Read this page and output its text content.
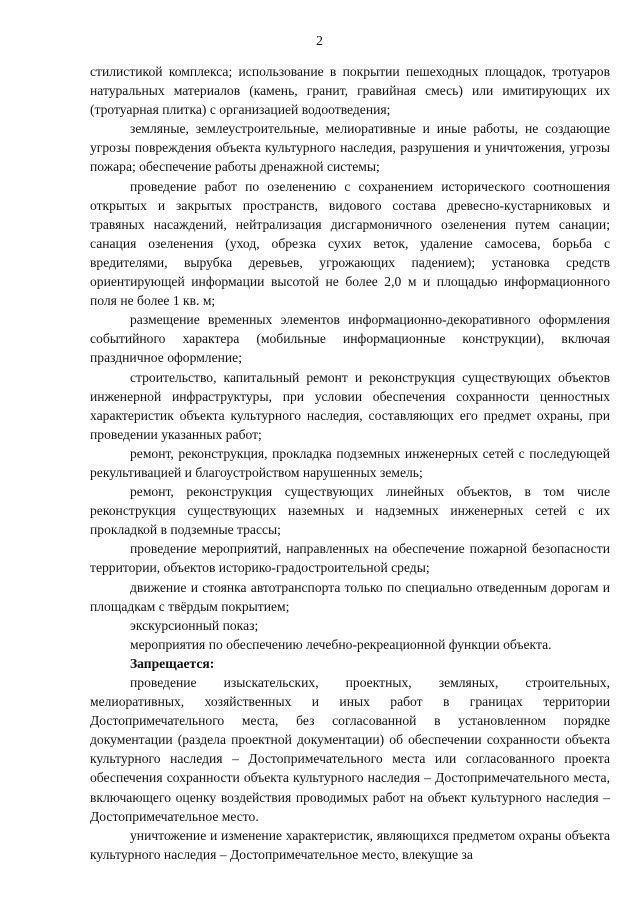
2

стилистикой комплекса; использование в покрытии пешеходных площадок, тротуаров натуральных материалов (камень, гранит, гравийная смесь) или имитирующих их (тротуарная плитка) с организацией водоотведения;

земляные, землеустроительные, мелиоративные и иные работы, не создающие угрозы повреждения объекта культурного наследия, разрушения и уничтожения, угрозы пожара; обеспечение работы дренажной системы;

проведение работ по озеленению с сохранением исторического соотношения открытых и закрытых пространств, видового состава древесно-кустарниковых и травяных насаждений, нейтрализация дисгармоничного озеленения путем санации; санация озеленения (уход, обрезка сухих веток, удаление самосева, борьба с вредителями, вырубка деревьев, угрожающих падением); установка средств ориентирующей информации высотой не более 2,0 м и площадью информационного поля не более 1 кв. м;

размещение временных элементов информационно-декоративного оформления событийного характера (мобильные информационные конструкции), включая праздничное оформление;

строительство, капитальный ремонт и реконструкция существующих объектов инженерной инфраструктуры, при условии обеспечения сохранности ценностных характеристик объекта культурного наследия, составляющих его предмет охраны, при проведении указанных работ;

ремонт, реконструкция, прокладка подземных инженерных сетей с последующей рекультивацией и благоустройством нарушенных земель;

ремонт, реконструкция существующих линейных объектов, в том числе реконструкция существующих наземных и надземных инженерных сетей с их прокладкой в подземные трассы;

проведение мероприятий, направленных на обеспечение пожарной безопасности территории, объектов историко-градостроительной среды;

движение и стоянка автотранспорта только по специально отведенным дорогам и площадкам с твёрдым покрытием;

экскурсионный показ;

мероприятия по обеспечению лечебно-рекреационной функции объекта.

Запрещается:

проведение изыскательских, проектных, земляных, строительных, мелиоративных, хозяйственных и иных работ в границах территории Достопримечательного места, без согласованной в установленном порядке документации (раздела проектной документации) об обеспечении сохранности объекта культурного наследия – Достопримечательного места или согласованного проекта обеспечения сохранности объекта культурного наследия – Достопримечательного места, включающего оценку воздействия проводимых работ на объект культурного наследия – Достопримечательное место.

уничтожение и изменение характеристик, являющихся предметом охраны объекта культурного наследия – Достопримечательное место, влекущие за
